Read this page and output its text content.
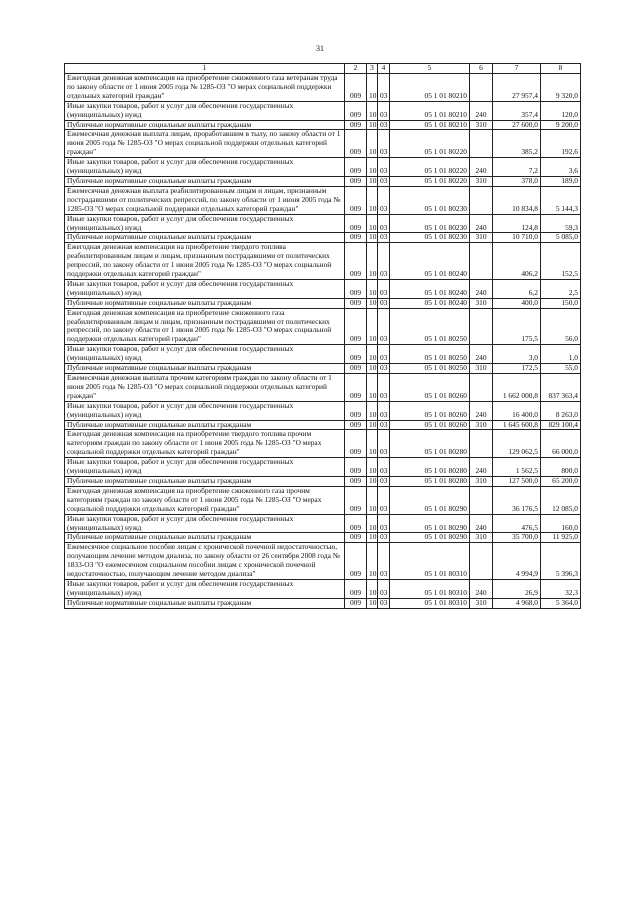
31
1	2	3	4	5	6	7	8
Ежегодная денежная компенсация на приобретение сжиженного газа ветеранам труда по закону области от 1 июня 2005 года № 1285-ОЗ "О мерах социальной поддержки отдельных категорий граждан"	009	10	03	05 1 01 80210		27 957,4	9 320,0
Иные закупки товаров, работ и услуг для обеспечения государственных (муниципальных) нужд	009	10	03	05 1 01 80210	240	357,4	120,0
Публичные нормативные социальные выплаты гражданам	009	10	03	05 1 01 80210	310	27 600,0	9 200,0
Ежемесячная денежная выплата лицам, проработавшим в тылу, по закону области от 1 июня 2005 года № 1285-ОЗ "О мерах социальной поддержки отдельных категорий граждан"	009	10	03	05 1 01 80220		385,2	192,6
Иные закупки товаров, работ и услуг для обеспечения государственных (муниципальных) нужд	009	10	03	05 1 01 80220	240	7,2	3,6
Публичные нормативные социальные выплаты гражданам	009	10	03	05 1 01 80220	310	378,0	189,0
Ежемесячная денежная выплата реабилитированным лицам и лицам, признанным пострадавшими от политических репрессий, по закону области от 1 июня 2005 года № 1285-ОЗ "О мерах социальной поддержки отдельных категорий граждан"	009	10	03	05 1 01 80230		10 834,8	5 144,3
Иные закупки товаров, работ и услуг для обеспечения государственных (муниципальных) нужд	009	10	03	05 1 01 80230	240	124,8	59,3
Публичные нормативные социальные выплаты гражданам	009	10	03	05 1 01 80230	310	10 710,0	5 085,0
Ежегодная денежная компенсация на приобретение твердого топлива реабилитированным лицам и лицам, признанным пострадавшими от политических репрессий, по закону области от 1 июня 2005 года № 1285-ОЗ "О мерах социальной поддержки отдельных категорий граждан"	009	10	03	05 1 01 80240		406,2	152,5
Иные закупки товаров, работ и услуг для обеспечения государственных (муниципальных) нужд	009	10	03	05 1 01 80240	240	6,2	2,5
Публичные нормативные социальные выплаты гражданам	009	10	03	05 1 01 80240	310	400,0	150,0
Ежегодная денежная компенсация на приобретение сжиженного газа реабилитированным лицам и лицам, признанным пострадавшими от политических репрессий, по закону области от 1 июня 2005 года № 1285-ОЗ "О мерах социальной поддержки отдельных категорий граждан"	009	10	03	05 1 01 80250		175,5	56,0
Иные закупки товаров, работ и услуг для обеспечения государственных (муниципальных) нужд	009	10	03	05 1 01 80250	240	3,0	1,0
Публичные нормативные социальные выплаты гражданам	009	10	03	05 1 01 80250	310	172,5	55,0
Ежемесячная денежная выплата прочим категориям граждан по закону области от 1 июня 2005 года № 1285-ОЗ "О мерах социальной поддержки отдельных категорий граждан"	009	10	03	05 1 01 80260		1 662 000,8	837 363,4
Иные закупки товаров, работ и услуг для обеспечения государственных (муниципальных) нужд	009	10	03	05 1 01 80260	240	16 400,0	8 263,0
Публичные нормативные социальные выплаты гражданам	009	10	03	05 1 01 80260	310	1 645 600,8	829 100,4
Ежегодная денежная компенсация на приобретение твердого топлива прочим категориям граждан по закону области от 1 июня 2005 года № 1285-ОЗ "О мерах социальной поддержки отдельных категорий граждан"	009	10	03	05 1 01 80280		129 062,5	66 000,0
Иные закупки товаров, работ и услуг для обеспечения государственных (муниципальных) нужд	009	10	03	05 1 01 80280	240	1 562,5	800,0
Публичные нормативные социальные выплаты гражданам	009	10	03	05 1 01 80280	310	127 500,0	65 200,0
Ежегодная денежная компенсация на приобретение сжиженного газа прочим категориям граждан по закону области от 1 июня 2005 года № 1285-ОЗ "О мерах социальной поддержки отдельных категорий граждан"	009	10	03	05 1 01 80290		36 176,5	12 085,0
Иные закупки товаров, работ и услуг для обеспечения государственных (муниципальных) нужд	009	10	03	05 1 01 80290	240	476,5	160,0
Публичные нормативные социальные выплаты гражданам	009	10	03	05 1 01 80290	310	35 700,0	11 925,0
Ежемесячное социальное пособие лицам с хронической почечной недостаточностью, получающим лечение методом диализа, по закону области от 26 сентября 2008 года № 1833-ОЗ "О ежемесячном социальном пособии лицам с хронической почечной недостаточностью, получающим лечение методом диализа"	009	10	03	05 1 01 80310		4 994,9	5 396,3
Иные закупки товаров, работ и услуг для обеспечения государственных (муниципальных) нужд	009	10	03	05 1 01 80310	240	26,9	32,3
Публичные нормативные социальные выплаты гражданам	009	10	03	05 1 01 80310	310	4 968,0	5 364,0
